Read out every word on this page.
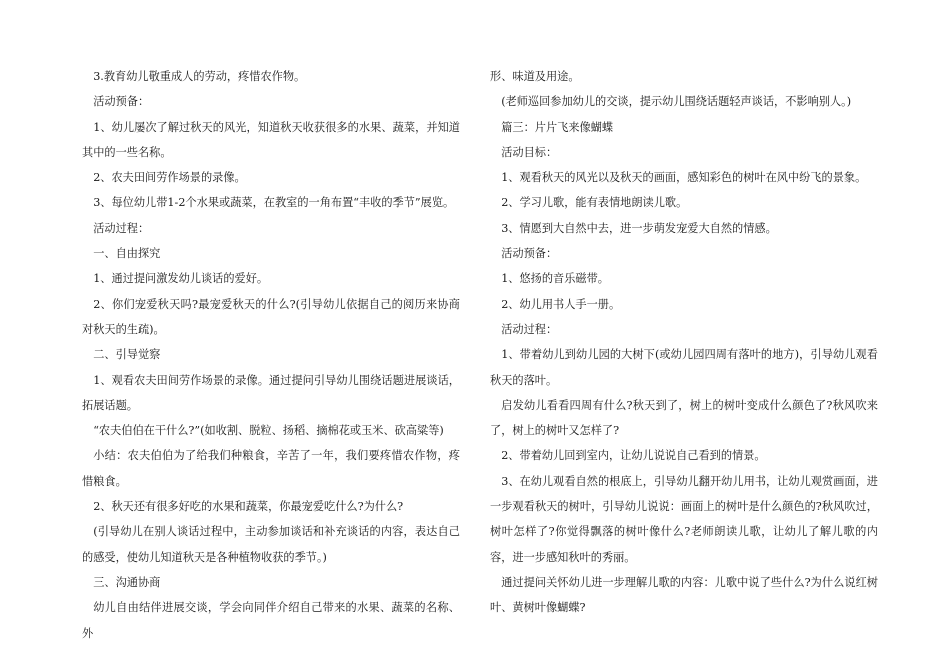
3.教育幼儿敬重成人的劳动，疼惜农作物。

活动预备：

1、幼儿屡次了解过秋天的风光，知道秋天收获很多的水果、蔬菜，并知道其中的一些名称。

2、农夫田间劳作场景的录像。

3、每位幼儿带1-2个水果或蔬菜，在教室的一角布置“丰收的季节”展览。

活动过程：

一、自由探究

1、通过提问激发幼儿谈话的爱好。

2、你们宠爱秋天吗?最宠爱秋天的什么?(引导幼儿依据自己的阅历来协商　对秋天的生疏)。

二、引导觉察

1、观看农夫田间劳作场景的录像。通过提问引导幼儿围绕话题进展谈话，拓展话题。

“农夫伯伯在干什么?”(如收割、脱粒、扬稻、摘棉花或玉米、砍高粱等)

小结：农夫伯伯为了给我们种粮食，辛苦了一年，我们要疼惜农作物，疼惜粮食。

2、秋天还有很多好吃的水果和蔬菜，你最宠爱吃什么?为什么?

(引导幼儿在别人谈话过程中，主动参加谈话和补充谈话的内容，表达自己的感受，使幼儿知道秋天是各种植物收获的季节。)

三、沟通协商

幼儿自由结伴进展交谈，学会向同伴介绍自己带来的水果、蔬菜的名称、外

形、味道及用途。

(老师巡回参加幼儿的交谈，提示幼儿围绕话题轻声谈话，不影响别人。)

篇三：片片飞来像蝴蝶

活动目标：

1、观看秋天的风光以及秋天的画面，感知彩色的树叶在风中纷飞的景象。

2、学习儿歌，能有表情地朗读儿歌。

3、情愿到大自然中去，进一步萌发宠爱大自然的情感。

活动预备：

1、悠扬的音乐磁带。

2、幼儿用书人手一册。

活动过程：

1、带着幼儿到幼儿园的大树下(或幼儿园四周有落叶的地方)，引导幼儿观看秋天的落叶。

启发幼儿看看四周有什么?秋天到了，树上的树叶变成什么颜色了?秋风吹来了，树上的树叶又怎样了?

2、带着幼儿回到室内，让幼儿说说自己看到的情景。

3、在幼儿观看自然的根底上，引导幼儿翻开幼儿用书，让幼儿观赏画面，进一步观看秋天的树叶，引导幼儿说说：画面上的树叶是什么颜色的?秋风吹过，树叶怎样了?你觉得飘落的树叶像什么?老师朗读儿歌，让幼儿了解儿歌的内容，进一步感知秋叶的秀丽。

通过提问关怀幼儿进一步理解儿歌的内容：儿歌中说了些什么?为什么说红树叶、黄树叶像蝴蝶?
